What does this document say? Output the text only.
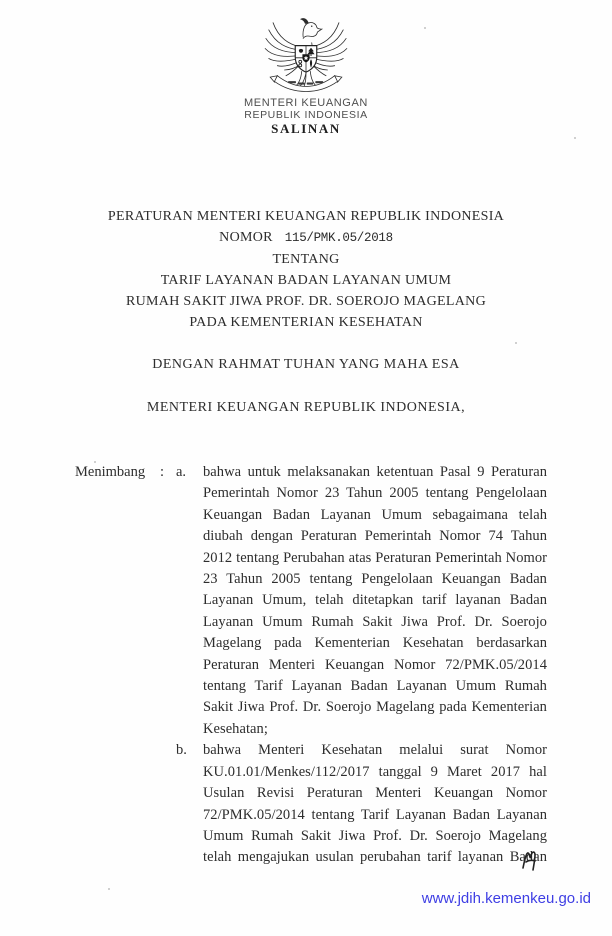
MENTERI KEUANGAN
REPUBLIK INDONESIA
SALINAN
PERATURAN MENTERI KEUANGAN REPUBLIK INDONESIA
NOMOR 115/PMK.05/2018
TENTANG
TARIF LAYANAN BADAN LAYANAN UMUM
RUMAH SAKIT JIWA PROF. DR. SOEROJO MAGELANG
PADA KEMENTERIAN KESEHATAN
DENGAN RAHMAT TUHAN YANG MAHA ESA
MENTERI KEUANGAN REPUBLIK INDONESIA,
Menimbang	: a.	bahwa untuk melaksanakan ketentuan Pasal 9 Peraturan Pemerintah Nomor 23 Tahun 2005 tentang Pengelolaan Keuangan Badan Layanan Umum sebagaimana telah diubah dengan Peraturan Pemerintah Nomor 74 Tahun 2012 tentang Perubahan atas Peraturan Pemerintah Nomor 23 Tahun 2005 tentang Pengelolaan Keuangan Badan Layanan Umum, telah ditetapkan tarif layanan Badan Layanan Umum Rumah Sakit Jiwa Prof. Dr. Soerojo Magelang pada Kementerian Kesehatan berdasarkan Peraturan Menteri Keuangan Nomor 72/PMK.05/2014 tentang Tarif Layanan Badan Layanan Umum Rumah Sakit Jiwa Prof. Dr. Soerojo Magelang pada Kementerian Kesehatan;
b.	bahwa Menteri Kesehatan melalui surat Nomor KU.01.01/Menkes/112/2017 tanggal 9 Maret 2017 hal Usulan Revisi Peraturan Menteri Keuangan Nomor 72/PMK.05/2014 tentang Tarif Layanan Badan Layanan Umum Rumah Sakit Jiwa Prof. Dr. Soerojo Magelang telah mengajukan usulan perubahan tarif layanan Badan
www.jdih.kemenkeu.go.id
